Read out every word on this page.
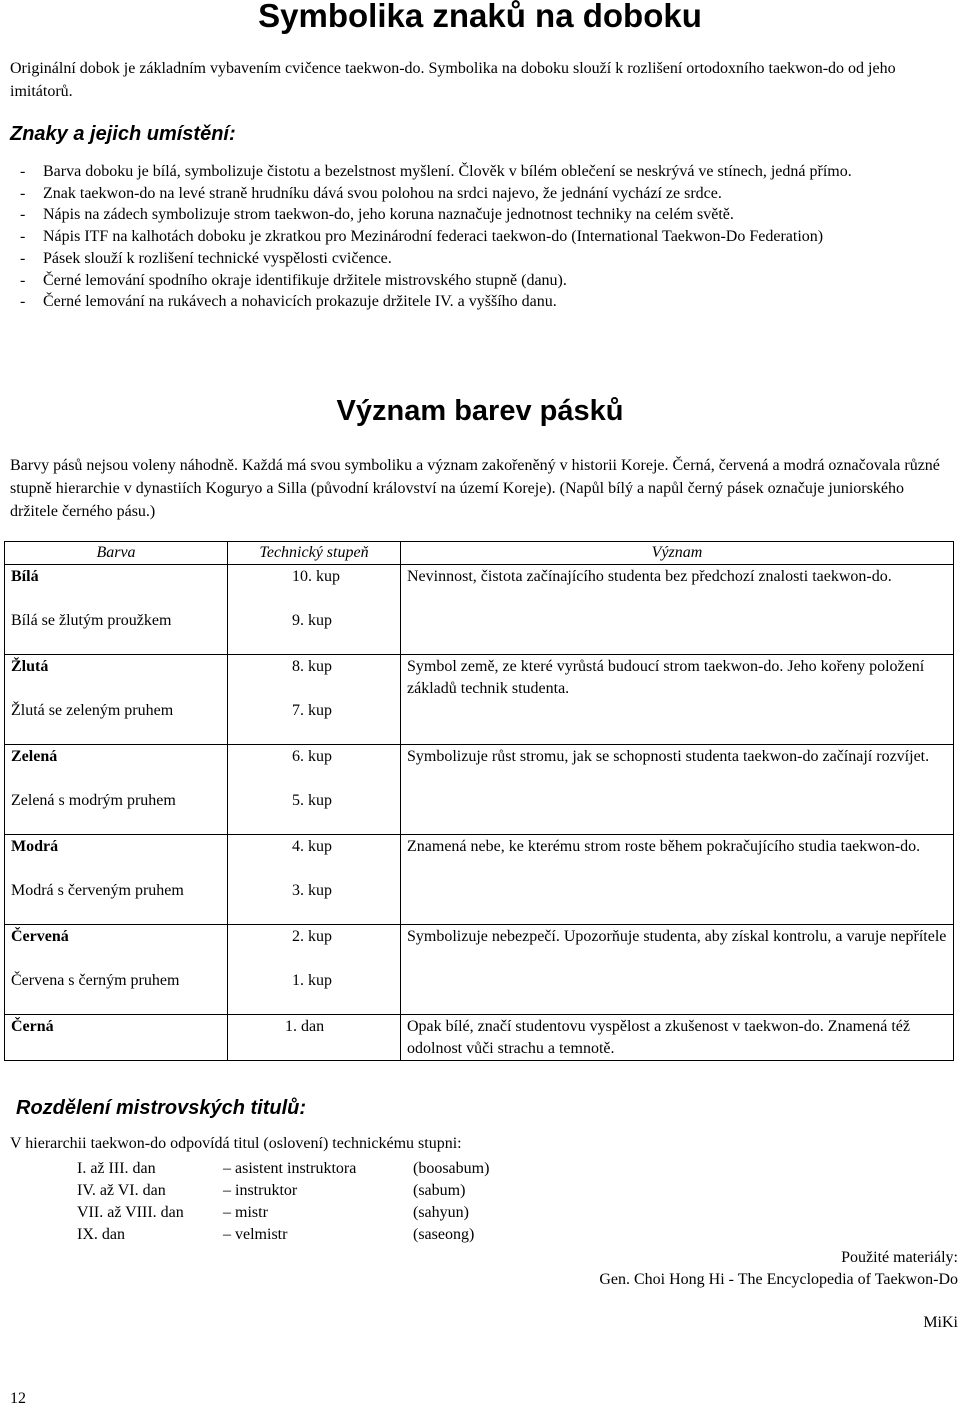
Symbolika znaků na doboku

Originální dobok je základním vybavením cvičence taekwon-do. Symbolika na doboku slouží k rozlišení ortodoxního taekwon-do od jeho imitátorů.

Znaky a jejich umístění:
- Barva doboku je bílá, symbolizuje čistotu a bezelstnost myšlení. Člověk v bílém oblečení se neskrývá ve stínech, jedná přímo.
- Znak taekwon-do na levé straně hrudníku dává svou polohou na srdci najevo, že jednání vychází ze srdce.
- Nápis na zádech symbolizuje strom taekwon-do, jeho koruna naznačuje jednotnost techniky na celém světě.
- Nápis ITF na kalhotách doboku je zkratkou pro Mezinárodní federaci taekwon-do (International Taekwon-Do Federation)
- Pásek slouží k rozlišení technické vyspělosti cvičence.
- Černé lemování spodního okraje identifikuje držitele mistrovského stupně (danu).
- Černé lemování na rukávech a nohavicích prokazuje držitele IV. a vyššího danu.
Význam barev pásků

Barvy pásů nejsou voleny náhodně. Každá má svou symboliku a význam zakořeněný v historii Koreje. Černá, červená a modrá označovala různé stupně hierarchie v dynastiích Koguryo a Silla (původní království na území Koreje). (Napůl bílý a napůl černý pásek označuje juniorského držitele černého pásu.)

Barva	Technický stupeň	Význam
Bílá	10. kup	Nevinnost, čistota začínajícího studenta bez předchozí znalosti taekwon-do.
Bílá se žlutým proužkem	9. kup	
Žlutá	8. kup	Symbol země, ze které vyrůstá budoucí strom taekwon-do. Jeho kořeny položení základů technik studenta.
Žlutá se zeleným pruhem	7. kup	
Zelená	6. kup	Symbolizuje růst stromu, jak se schopnosti studenta taekwon-do začínají rozvíjet.
Zelená s modrým pruhem	5. kup	
Modrá	4. kup	Znamená nebe, ke kterému strom roste během pokračujícího studia taekwon-do.
Modrá s červeným pruhem	3. kup	
Červená	2. kup	Symbolizuje nebezpečí. Upozorňuje studenta, aby získal kontrolu, a varuje nepřítele
Červena s černým pruhem	1. kup	
Černá	1. dan	Opak bílé, značí studentovu vyspělost a zkušenost v taekwon-do. Znamená též odolnost vůči strachu a temnotě.
Rozdělení mistrovských titulů:

V hierarchii taekwon-do odpovídá titul (oslovení) technickému stupni:

I. až III. dan	– asistent instruktora	(boosabum)
IV. až VI. dan	– instruktor	(sabum)
VII. až VIII. dan	– mistr	(sahyun)
IX. dan	– velmistr	(saseong)

Použité materiály:

Gen. Choi Hong Hi - The Encyclopedia of Taekwon-Do

MiKi

12
